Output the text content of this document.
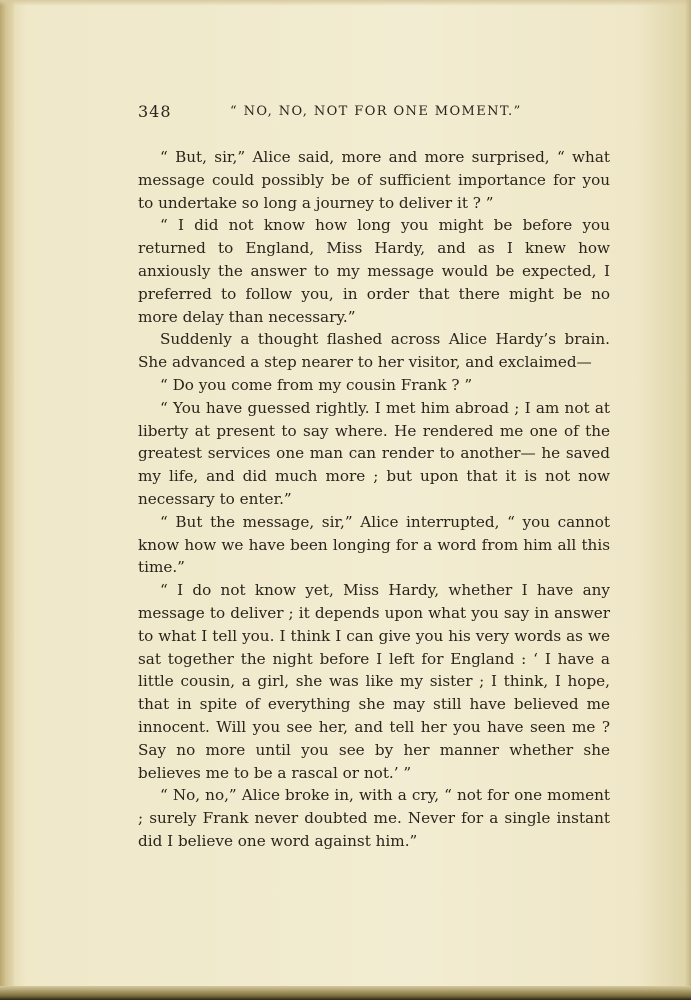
348	“ NO, NO, NOT FOR ONE MOMENT.”

“ But, sir,” Alice said, more and more surprised, “ what message could possibly be of sufficient importance for you to undertake so long a journey to deliver it ? ”

“ I did not know how long you might be before you returned to England, Miss Hardy, and as I knew how anxiously the answer to my message would be expected, I preferred to follow you, in order that there might be no more delay than necessary.”

Suddenly a thought flashed across Alice Hardy’s brain. She advanced a step nearer to her visitor, and exclaimed—

“ Do you come from my cousin Frank ? ”

“ You have guessed rightly. I met him abroad ; I am not at liberty at present to say where. He rendered me one of the greatest services one man can render to another— he saved my life, and did much more ; but upon that it is not now necessary to enter.”

“ But the message, sir,” Alice interrupted, “ you cannot know how we have been longing for a word from him all this time.”

“ I do not know yet, Miss Hardy, whether I have any message to deliver ; it depends upon what you say in answer to what I tell you. I think I can give you his very words as we sat together the night before I left for England : ‘ I have a little cousin, a girl, she was like my sister ; I think, I hope, that in spite of everything she may still have believed me innocent. Will you see her, and tell her you have seen me ? Say no more until you see by her manner whether she believes me to be a rascal or not.’ ”

“ No, no,” Alice broke in, with a cry, “ not for one moment ; surely Frank never doubted me. Never for a single instant did I believe one word against him.”
